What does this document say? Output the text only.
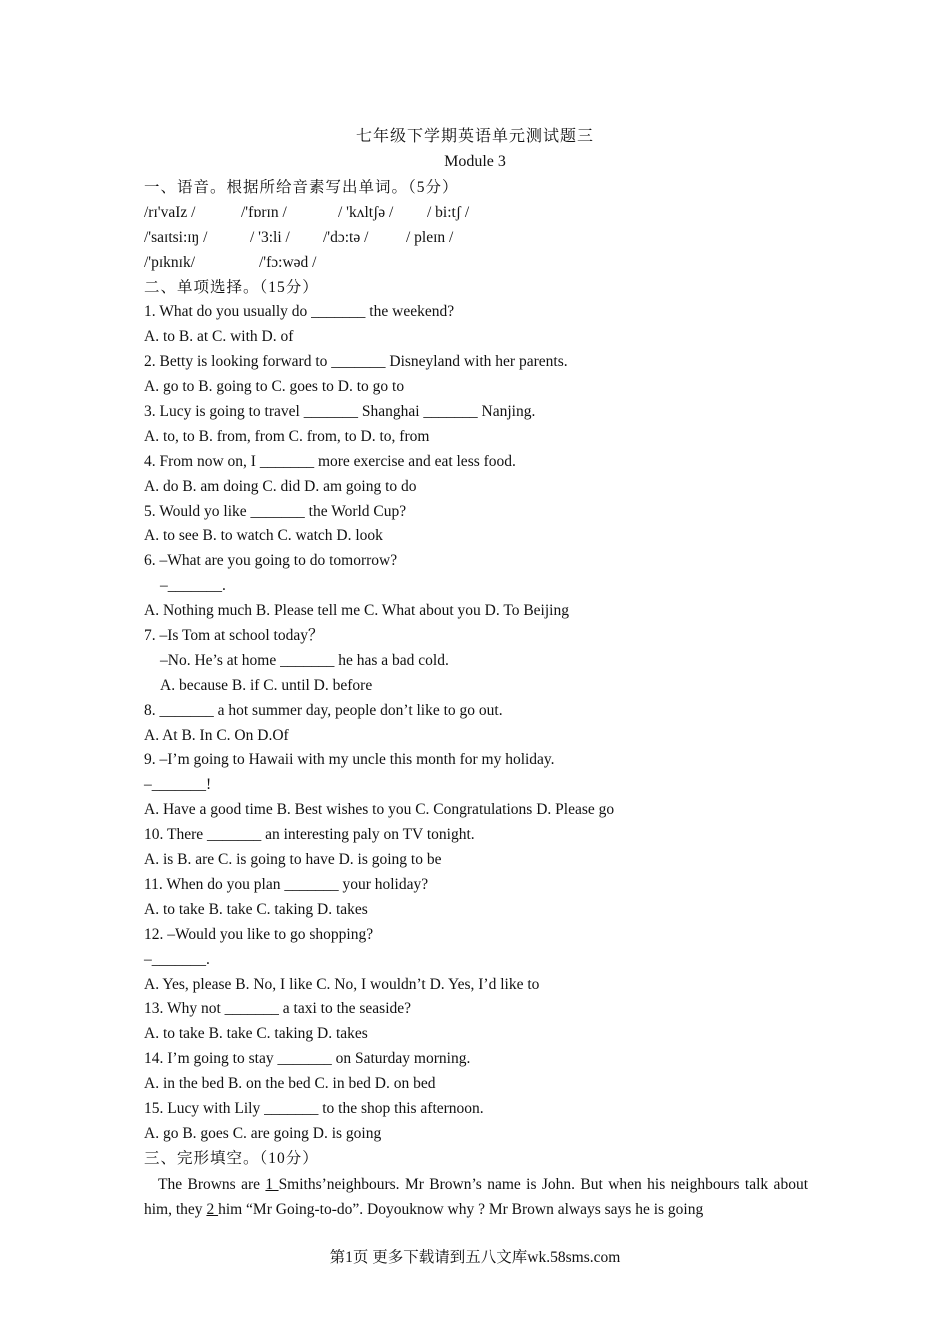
七年级下学期英语单元测试题三
Module 3
一、语音。根据所给音素写出单词。（5分）
/rɪ'vaIz /	/'fɒrɪn /	/ 'kʌltʃə / / bi:tʃ /
/'saɪtsi:ɪŋ /	/ '3:li / /'dɔ:tə / / pleɪn /
/'pɪknɪk/	/'fɔ:wəd /
二、单项选择。（15分）
1. What do you usually do _______ the weekend?
A. to B. at C. with D. of
2. Betty is looking forward to _______ Disneyland with her parents.
A. go to B. going to C. goes to D. to go to
3. Lucy is going to travel _______ Shanghai _______ Nanjing.
A. to, to B. from, from C. from, to D. to, from
4. From now on, I _______ more exercise and eat less food.
A. do B. am doing C. did D. am going to do
5. Would yo like _______ the World Cup?
A. to see B. to watch C. watch D. look
6. –What are you going to do tomorrow?
–_______.
A. Nothing much B. Please tell me C. What about you D. To Beijing
7. –Is Tom at school today？
–No. He’s at home _______ he has a bad cold.
A. because B. if C. until D. before
8. _______ a hot summer day, people don’t like to go out.
A. At B. In C. On D.Of
9. –I’m going to Hawaii with my uncle this month for my holiday.
–_______!
A. Have a good time B. Best wishes to you C. Congratulations D. Please go
10. There _______ an interesting paly on TV tonight.
A. is B. are C. is going to have D. is going to be
11. When do you plan _______ your holiday?
A. to take B. take C. taking D. takes
12. –Would you like to go shopping?
–_______.
A. Yes, please B. No, I like C. No, I wouldn’t D. Yes, I’d like to
13. Why not _______ a taxi to the seaside?
A. to take B. take C. taking D. takes
14. I’m going to stay _______ on Saturday morning.
A. in the bed B. on the bed C. in bed D. on bed
15. Lucy with Lily _______ to the shop this afternoon.
A. go B. goes C. are going D. is going
三、完形填空。（10分）
The Browns are 1 Smiths’neighbours. Mr Brown’s name is John. But when his neighbours talk about him, they 2 him “Mr Going-to-do”. Doyouknow why ? Mr Brown always says he is going
第1页 更多下载请到五八文库wk.58sms.com
